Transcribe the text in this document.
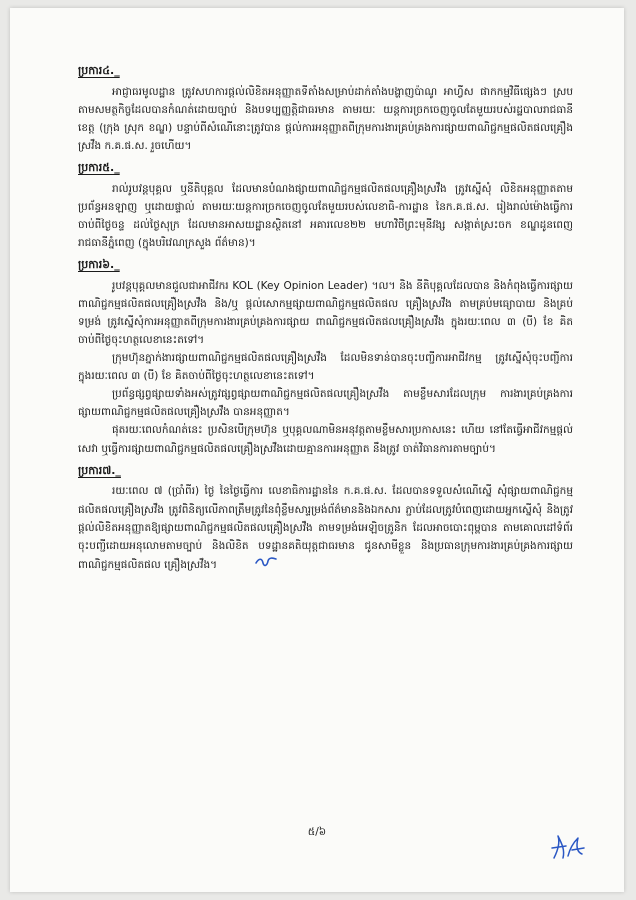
ប្រការ៤._

អាជ្ញាធរមូលដ្ឋាន ត្រូវសហការផ្តល់លិខិតអនុញ្ញាតទីតាំងសម្រាប់ដាក់តាំងបង្ហាញប៉ាណូ អាហ្វីស ផាកកម្មវិធីផ្សេងៗ ស្របតាមសមត្ថកិច្ចដែលបានកំណត់ដោយច្បាប់ និងបទប្បញ្ញត្តិជាធរមាន តាមរយៈ យន្តការច្រកចេញចូលតែមួយរបស់រដ្ឋបាលរាជធានី ខេត្ត (ក្រុង ស្រុក ខណ្ឌ) បន្ទាប់ពីសំណើនោះត្រូវបាន ផ្តល់ការអនុញ្ញាតពីក្រុមការងារគ្រប់គ្រងការផ្សាយពាណិជ្ជកម្មផលិតផលគ្រឿងស្រវឹង ក.គ.ផ.ស. រួចហើយ។

ប្រការ៥._

រាល់រូបវន្តបុគ្គល ឬនីតិបុគ្គល ដែលមានបំណងផ្សាយពាណិជ្ជកម្មផលិតផលគ្រឿងស្រវឹង ត្រូវស្នើសុំ លិខិតអនុញ្ញាតតាមប្រព័ន្ធអនឡាញ ឬដោយផ្ទាល់ តាមរយៈយន្តការច្រកចេញចូលតែមួយរបស់លេខាធិ-ការដ្ឋាន នៃក.គ.ផ.ស. រៀងរាល់ម៉ោងធ្វើការ ចាប់ពីថ្ងៃចន្ទ ដល់ថ្ងៃសុក្រ ដែលមានអាសយដ្ឋានស្ថិតនៅ អគារលេខ២២ មហាវិថីព្រះមុនីវង្ស សង្កាត់ស្រះចក ខណ្ឌដូនពេញ រាជធានីភ្នំពេញ (ក្នុងបរិវេណក្រសួង ព័ត៌មាន)។

ប្រការ៦._

រូបវន្តបុគ្គលមានជួលជាអាជីវករ KOL (Key Opinion Leader) ។ល។ និង នីតិបុគ្គលដែលបាន និងកំពុងធ្វើការផ្សាយពាណិជ្ជកម្មផលិតផលគ្រឿងស្រវឹង និង/ឬ ផ្តល់សោកម្មផ្សាយពាណិជ្ជកម្មផលិតផល គ្រឿងស្រវឹង តាមគ្រប់មធ្យោបាយ និងគ្រប់ទម្រង់ ត្រូវស្នើសុំការអនុញ្ញាតពីក្រុមការងារគ្រប់គ្រងការផ្សាយ ពាណិជ្ជកម្មផលិតផលគ្រឿងស្រវឹង ក្នុងរយៈពេល ៣ (បី) ខែ គិតចាប់ពីថ្ងៃចុះហត្ថលេខានេះតទៅ។

ក្រុមហ៊ុនភ្នាក់ងារផ្សាយពាណិជ្ជកម្មផលិតផលគ្រឿងស្រវឹង ដែលមិនទាន់បានចុះបញ្ជីការអាជីវកម្ម ត្រូវស្នើសុំចុះបញ្ជីការក្នុងរយៈពេល ៣ (បី) ខែ គិតចាប់ពីថ្ងៃចុះហត្ថលេខានេះតទៅ។

ប្រព័ន្ធផ្សព្វផ្សាយទាំងអស់ត្រូវផ្សព្វផ្សាយពាណិជ្ជកម្មផលិតផលគ្រឿងស្រវឹង តាមខ្លឹមសារដែលក្រុម ការងារគ្រប់គ្រងការផ្សាយពាណិជ្ជកម្មផលិតផលគ្រឿងស្រវឹង បានអនុញ្ញាត។

ផុតរយៈពេលកំណត់នេះ ប្រសិនបើក្រុមហ៊ុន ឬបុគ្គលណាមិនអនុវត្តតាមខ្លឹមសារប្រកាសនេះ ហើយ នៅតែធ្វើអាជីវកម្មផ្តល់សេវា ឬធ្វើការផ្សាយពាណិជ្ជកម្មផលិតផលគ្រឿងស្រវឹងដោយគ្មានការអនុញ្ញាត នឹងត្រូវ ចាត់វិធានការតាមច្បាប់។

ប្រការ៧._

រយៈពេល ៧ (ប្រាំពីរ) ថ្ងៃ នៃថ្ងៃធ្វើការ លេខាធិការដ្ឋាននៃ ក.គ.ផ.ស. ដែលបានទទួលសំណើស្នើ សុំផ្សាយពាណិជ្ជកម្មផលិតផលគ្រឿងស្រវឹង ត្រូវពិនិត្យលើភាពត្រឹមត្រូវនៃពុំខ្លឹមសារ្ទម្រង់ព័ត៌មាននិងឯកសារ ភ្ជាប់ដែលត្រូវបំពេញដោយអ្នកស្នើសុំ និងត្រូវផ្តល់លិខិតអនុញ្ញាតឱ្យផ្សាយពាណិជ្ជកម្មផលិតផលគ្រឿងស្រវឹង តាមទម្រង់អេឡិចត្រូនិក ដែលអាចបោះពុម្ពបាន តាមគោលដៅទំព័រចុះបញ្ជីដោយអនុលោមតាមច្បាប់ និងលិខិត បទដ្ឋានគតិយុត្តជាធរមាន ជូនសាមីខ្លួន និងប្រធានក្រុមការងារគ្រប់គ្រងការផ្សាយពាណិជ្ជកម្មផលិតផល គ្រឿងស្រវឹង។

៥/៦
